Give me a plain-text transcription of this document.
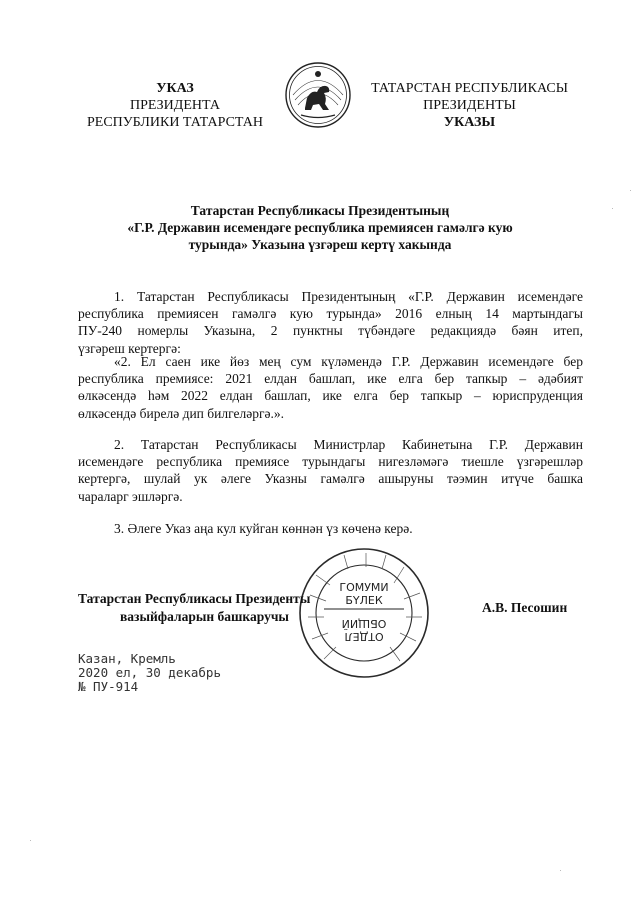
УКАЗ
ПРЕЗИДЕНТА
РЕСПУБЛИКИ ТАТАРСТАН
ТАТАРСТАН РЕСПУБЛИКАСЫ
ПРЕЗИДЕНТЫ
УКАЗЫ
Татарстан Республикасы Президентының
«Г.Р. Державин исемендәге республика премиясен гамәлгә кую
турында» Указына үзгәреш кертү хакында
1. Татарстан Республикасы Президентының «Г.Р. Державин исемендәге
республика премиясен гамәлгә кую турында» 2016 елның 14 мартындагы
ПУ-240 номерлы Указына, 2 пунктны түбәндәге редакциядә бәян итеп,
үзгәреш кертергә:
«2. Ел саен ике йөз мең сум күләмендә Г.Р. Державин исемендәге бер
республика премиясе: 2021 елдан башлап, ике елга бер тапкыр – әдәбият
өлкәсендә һәм 2022 елдан башлап, ике елга бер тапкыр – юриспруденция
өлкәсендә бирелә дип билгеләргә.».
2. Татарстан Республикасы Министрлар Кабинетына Г.Р. Державин
исемендәге республика премиясе турындагы нигезләмәгә тиешле үзгәрешләр
кертергә, шулай ук әлеге Указны гамәлгә ашыруны тәэмин итүче башка
чараларг эшләргә.
3. Әлеге Указ аңа кул куйган көннән үз көченә керә.
ГОМУМИ
БҮЛЕК
ОТДЕЛ
ОБЩИЙ
Татарстан Республикасы Президенты
вазыйфаларын башкаручы
А.В. Песошин
Казан, Кремль
2020 ел, 30 декабрь
№ ПУ-914
